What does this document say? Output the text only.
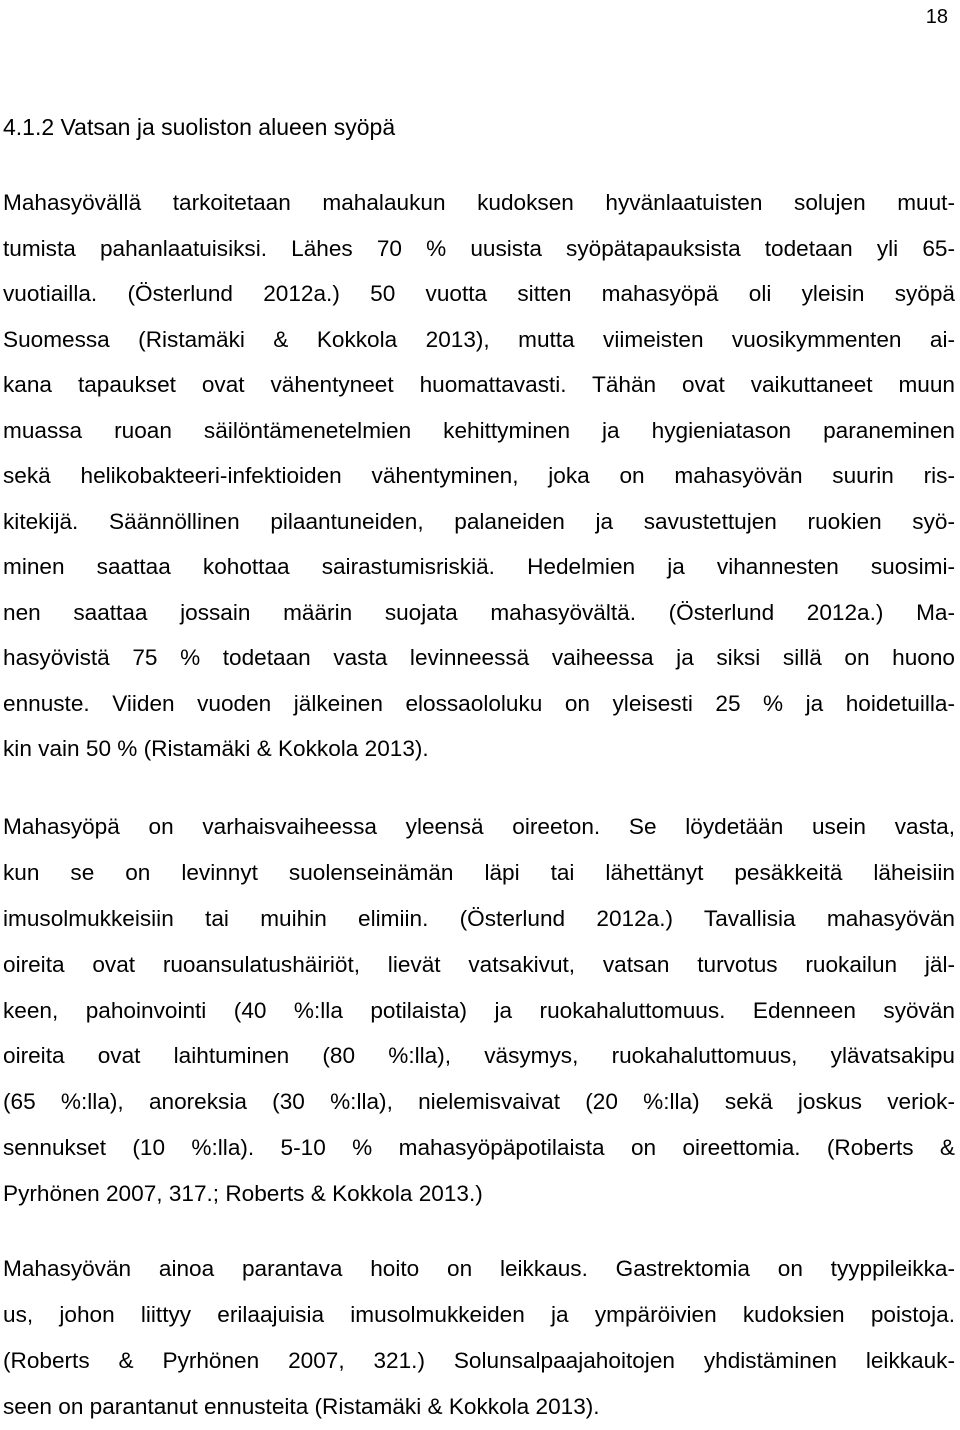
18
4.1.2 Vatsan ja suoliston alueen syöpä
Mahasyövällä tarkoitetaan mahalaukun kudoksen hyvänlaatuisten solujen muut-
tumista pahanlaatuisiksi. Lähes 70 % uusista syöpätapauksista todetaan yli 65-
vuotiailla. (Österlund 2012a.) 50 vuotta sitten mahasyöpä oli yleisin syöpä
Suomessa (Ristamäki & Kokkola 2013), mutta viimeisten vuosikymmenten ai-
kana tapaukset ovat vähentyneet huomattavasti. Tähän ovat vaikuttaneet muun
muassa ruoan säilöntämenetelmien kehittyminen ja hygieniatason paraneminen
sekä helikobakteeri-infektioiden vähentyminen, joka on mahasyövän suurin ris-
kitekijä. Säännöllinen pilaantuneiden, palaneiden ja savustettujen ruokien syö-
minen saattaa kohottaa sairastumisriskiä. Hedelmien ja vihannesten suosimi-
nen saattaa jossain määrin suojata mahasyövältä. (Österlund 2012a.) Ma-
hasyövistä 75 % todetaan vasta levinneessä vaiheessa ja siksi sillä on huono
ennuste. Viiden vuoden jälkeinen elossaololuku on yleisesti 25 % ja hoidetuilla-
kin vain 50 % (Ristamäki & Kokkola 2013).
Mahasyöpä on varhaisvaiheessa yleensä oireeton. Se löydetään usein vasta,
kun se on levinnyt suolenseinämän läpi tai lähettänyt pesäkkeitä läheisiin
imusolmukkeisiin tai muihin elimiin. (Österlund 2012a.) Tavallisia mahasyövän
oireita ovat ruoansulatushäiriöt, lievät vatsakivut, vatsan turvotus ruokailun jäl-
keen, pahoinvointi (40 %:lla potilaista) ja ruokahaluttomuus. Edenneen syövän
oireita ovat laihtuminen (80 %:lla), väsymys, ruokahaluttomuus, ylävatsakipu
(65 %:lla), anoreksia (30 %:lla), nielemisvaivat (20 %:lla) sekä joskus veriok-
sennukset (10 %:lla). 5-10 % mahasyöpäpotilaista on oireettomia. (Roberts &
Pyrhönen 2007, 317.; Roberts & Kokkola 2013.)
Mahasyövän ainoa parantava hoito on leikkaus. Gastrektomia on tyyppileikka-
us, johon liittyy erilaajuisia imusolmukkeiden ja ympäröivien kudoksien poistoja.
(Roberts & Pyrhönen 2007, 321.) Solunsalpaajahoitojen yhdistäminen leikkauk-
seen on parantanut ennusteita (Ristamäki & Kokkola 2013).
